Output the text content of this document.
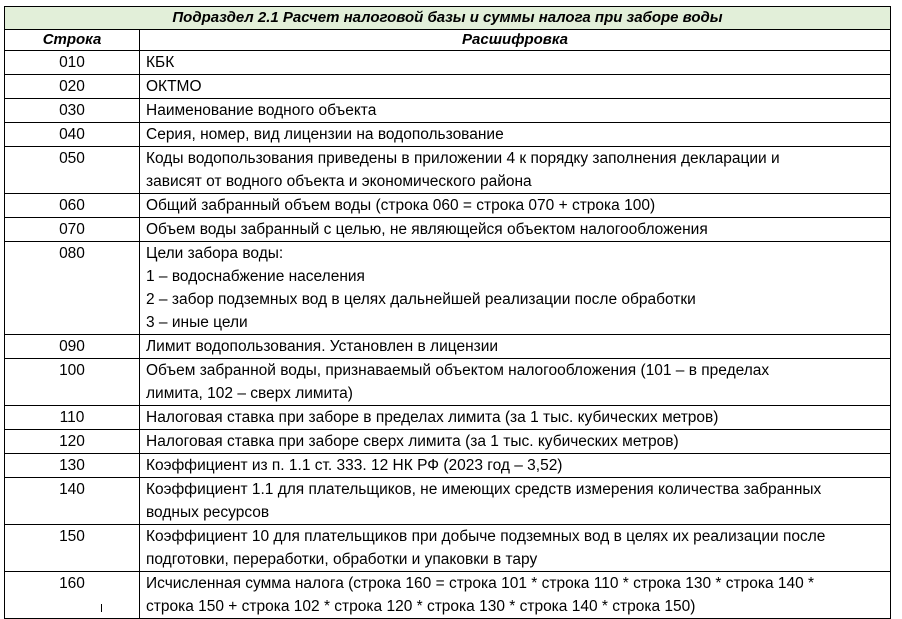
Подраздел 2.1 Расчет налоговой базы и суммы налога при заборе воды	
Строка	Расшифровка

010	КБК

020	ОКТМО

030	Наименование водного объекта

040	Серия, номер, вид лицензии на водопользование

050	Коды водопользования приведены в приложении 4 к порядку заполнения декларации и
зависят от водного объекта и экономического района

060	Общий забранный объем воды (строка 060 = строка 070 + строка 100)

070	Объем воды забранный с целью, не являющейся объектом налогообложения

080	Цели забора воды:
1 – водоснабжение населения
2 – забор подземных вод в целях дальнейшей реализации после обработки
3 – иные цели

090	Лимит водопользования. Установлен в лицензии

100	Объем забранной воды, признаваемый объектом налогообложения (101 – в пределах
лимита, 102 – сверх лимита)

110	Налоговая ставка при заборе в пределах лимита (за 1 тыс. кубических метров)

120	Налоговая ставка при заборе сверх лимита (за 1 тыс. кубических метров)

130	Коэффициент из п. 1.1 ст. 333. 12 НК РФ (2023 год – 3,52)

140	Коэффициент 1.1 для плательщиков, не имеющих средств измерения количества забранных
водных ресурсов

150	Коэффициент 10 для плательщиков при добыче подземных вод в целях их реализации после
подготовки, переработки, обработки и упаковки в тару

160	Исчисленная сумма налога (строка 160 = строка 101 * строка 110 * строка 130 * строка 140 *
строка 150 + строка 102 * строка 120 * строка 130 * строка 140 * строка 150)
